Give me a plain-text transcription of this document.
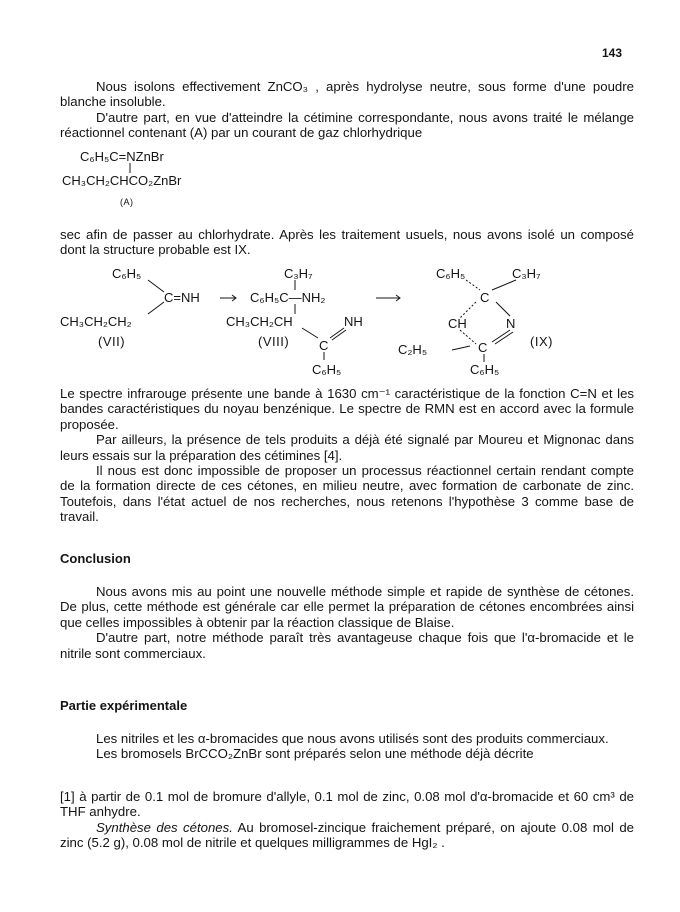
143

Nous isolons effectivement ZnCO₃ , après hydrolyse neutre, sous forme d'une poudre blanche insoluble.

D'autre part, en vue d'atteindre la cétimine correspondante, nous avons traité le mélange réactionnel contenant (A) par un courant de gaz chlorhydrique

C₆H₅C=NZnBr
CH₃CH₂CHCO₂ZnBr
(A)

sec afin de passer au chlorhydrate. Après les traitement usuels, nous avons isolé un composé dont la structure probable est IX.

C₆H₅
C=NH
CH₃CH₂CH₂
(VII)
C₃H₇
C₆H₅C—NH₂
CH₃CH₂CH	NH
(VIII) C
C₆H₅
C₆H₅	C₃H₇
C
CH	N
(IX)
C₂H₅	C
C₆H₅

Le spectre infrarouge présente une bande à 1630 cm⁻¹ caractéristique de la fonction C=N et les bandes caractéristiques du noyau benzénique. Le spectre de RMN est en accord avec la formule proposée.

Par ailleurs, la présence de tels produits a déjà été signalé par Moureu et Mignonac dans leurs essais sur la préparation des cétimines [4].

Il nous est donc impossible de proposer un processus réactionnel certain rendant compte de la formation directe de ces cétones, en milieu neutre, avec formation de carbonate de zinc. Toutefois, dans l'état actuel de nos recherches, nous retenons l'hypothèse 3 comme base de travail.

Conclusion

Nous avons mis au point une nouvelle méthode simple et rapide de synthèse de cétones. De plus, cette méthode est générale car elle permet la préparation de cétones encombrées ainsi que celles impossibles à obtenir par la réaction classique de Blaise.

D'autre part, notre méthode paraît très avantageuse chaque fois que l'α-bromacide et le nitrile sont commerciaux.

Partie expérimentale

Les nitriles et les α-bromacides que nous avons utilisés sont des produits commerciaux.

Les bromosels BrCCO₂ZnBr sont préparés selon une méthode déjà décrite

[1] à partir de 0.1 mol de bromure d'allyle, 0.1 mol de zinc, 0.08 mol d'α-bromacide et 60 cm³ de THF anhydre.

Synthèse des cétones. Au bromosel-zincique fraichement préparé, on ajoute 0.08 mol de zinc (5.2 g), 0.08 mol de nitrile et quelques milligrammes de HgI₂ .
